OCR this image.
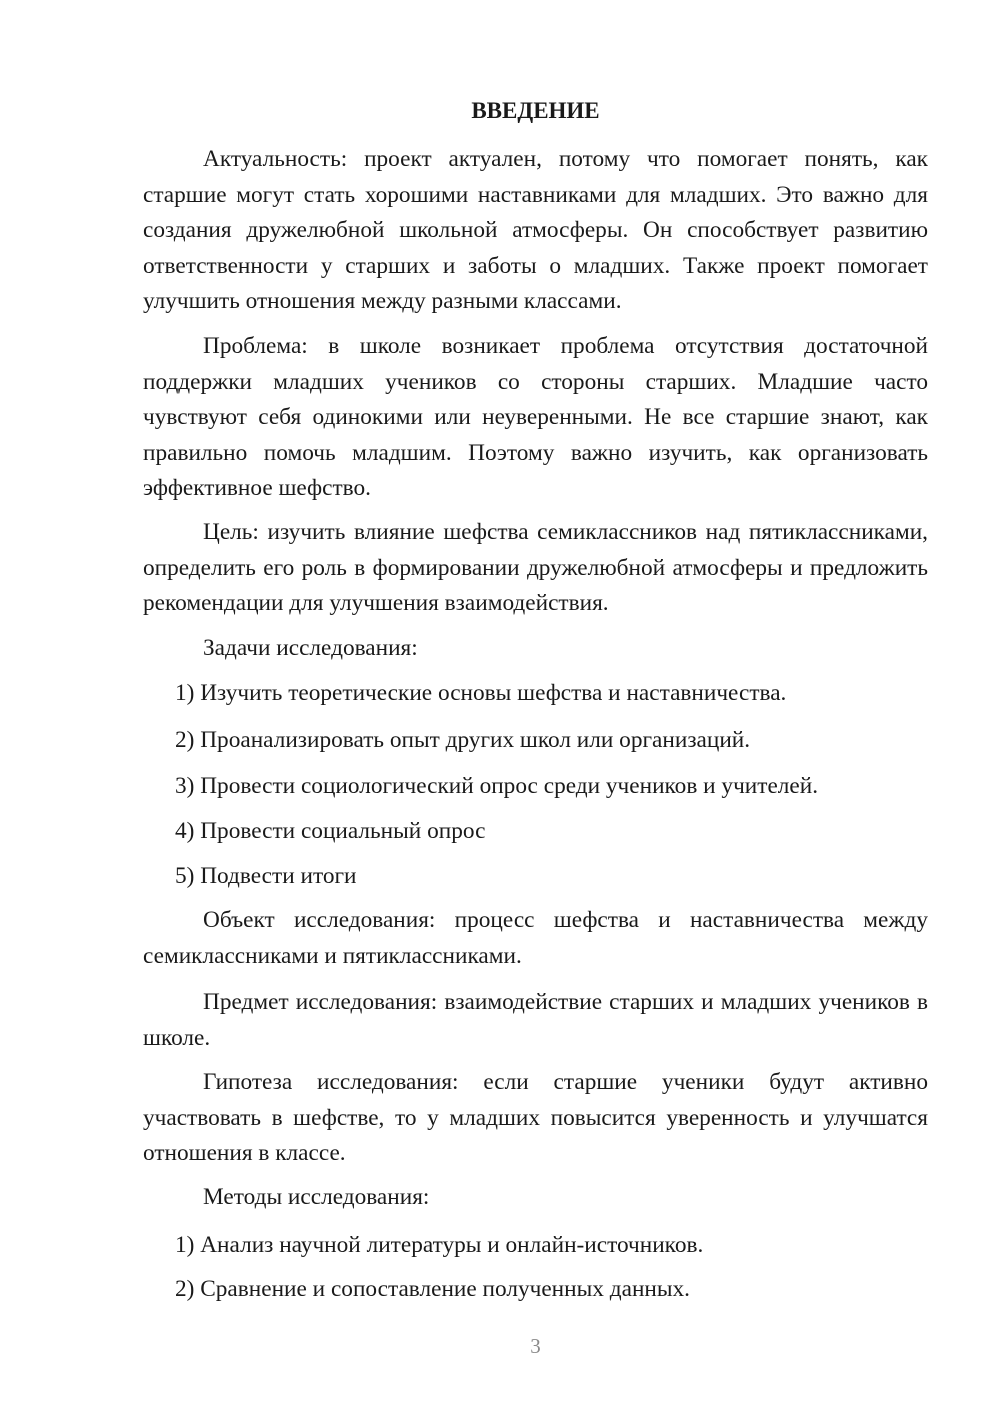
ВВЕДЕНИЕ

Актуальность: проект актуален, потому что помогает понять, как старшие могут стать хорошими наставниками для младших. Это важно для создания дружелюбной школьной атмосферы. Он способствует развитию ответственности у старших и заботы о младших. Также проект помогает улучшить отношения между разными классами.

Проблема: в школе возникает проблема отсутствия достаточной поддержки младших учеников со стороны старших. Младшие часто чувствуют себя одинокими или неуверенными. Не все старшие знают, как правильно помочь младшим. Поэтому важно изучить, как организовать эффективное шефство.

Цель: изучить влияние шефства семиклассников над пятиклассниками, определить его роль в формировании дружелюбной атмосферы и предложить рекомендации для улучшения взаимодействия.

Задачи исследования:

1) Изучить теоретические основы шефства и наставничества.

2) Проанализировать опыт других школ или организаций.

3) Провести социологический опрос среди учеников и учителей.

4) Провести социальный опрос

5) Подвести итоги

Объект исследования: процесс шефства и наставничества между семиклассниками и пятиклассниками.

Предмет исследования: взаимодействие старших и младших учеников в школе.

Гипотеза исследования: если старшие ученики будут активно участвовать в шефстве, то у младших повысится уверенность и улучшатся отношения в классе.

Методы исследования:

1) Анализ научной литературы и онлайн-источников.

2) Сравнение и сопоставление полученных данных.

3
